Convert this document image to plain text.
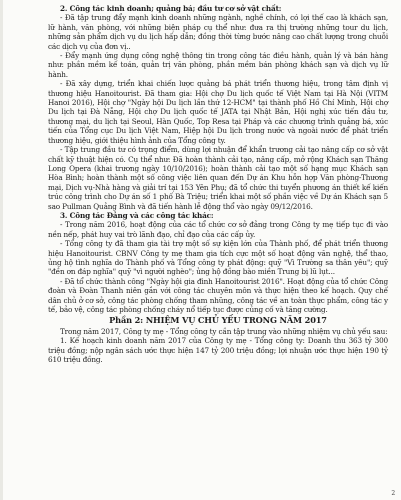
2. Công tác kinh doanh; quảng bá; đầu tư cơ sở vật chất:

- Đã tập trung đẩy mạnh kinh doanh những ngành, nghề chính, có lợi thế cao là khách sạn, lữ hành, văn phòng, với những biện pháp cụ thể như: đưa ra thị trường những tour du lịch, những sản phẩm dịch vụ du lịch hấp dẫn; đồng thời từng bước nâng cao chất lượng trong chuỗi các dịch vụ của đơn vị..

- Đẩy mạnh ứng dụng công nghệ thông tin trong công tác điều hành, quản lý và bán hàng như: phần mềm kế toán, quản trị văn phòng, phần mềm bán phòng khách sạn và dịch vụ lữ hành.

- Đã xây dựng, triển khai chiến lược quảng bá phát triển thương hiệu, trong tâm định vị thương hiệu Hanoitourist. Đã tham gia: Hội chợ Du lịch quốc tế Việt Nam tại Hà Nội (VITM Hanoi 2016), Hội chợ "Ngày hội Du lịch lần thứ 12-HCM" tại thành phố Hồ Chí Minh, Hội chợ Du lịch tại Đà Nẵng, Hội chợ Du lịch quốc tế JATA tại Nhật Bản, Hội nghị xúc tiến đầu tư, thương mại, du lịch tại Seoul, Hàn Quốc, Top Resa tại Pháp và các chương trình quảng bá, xúc tiến của Tổng cục Du lịch Việt Nam, Hiệp hội Du lịch trong nước và ngoài nước để phát triển thương hiệu, giới thiệu hình ảnh của Tổng công ty.

- Tập trung đầu tư có trọng điểm, dùng lợi nhuận để khẩn trương cải tạo nâng cấp cơ sở vật chất kỹ thuật hiện có. Cụ thể như: Đã hoàn thành cải tạo, nâng cấp, mở rộng Khách sạn Thăng Long Opera (khai trương ngày 10/10/2016); hoàn thành cải tạo một số hạng mục Khách sạn Hòa Bình; hoàn thành một số công việc liên quan đến Dự án Khu hỗn hợp Văn phòng-Thương mại, Dịch vụ-Nhà hàng và giải trí tại 153 Yên Phụ; đã tổ chức thi tuyển phương án thiết kế kiến trúc công trình cho Dự án số 1 phố Bà Triệu; triển khai một số phần việc về Dự án Khách sạn 5 sao Pullman Quảng Bình và đã tiến hành lễ động thổ vào ngày 09/12/2016.

3. Công tác Đảng và các công tác khác:

- Trong năm 2016, hoạt động của các tổ chức cơ sở đảng trong Công ty mẹ tiếp tục đi vào nền nếp, phát huy vai trò lãnh đạo, chỉ đạo của các cấp ủy.

- Tổng công ty đã tham gia tài trợ một số sự kiện lớn của Thành phố, để phát triển thương hiệu Hanoitourist. CBNV Công ty mẹ tham gia tích cực một số hoạt động văn nghệ, thể thao, ủng hộ tình nghĩa do Thành phố và Tổng công ty phát động: quỹ "Vì Trường sa thân yêu"; quỹ "đền ơn đáp nghĩa" quỹ "vì người nghèo"; ủng hộ đồng bào miền Trung bị lũ lụt...

- Đã tổ chức thành công "Ngày hội gia đình Hanoitourist 2016". Hoạt động của tổ chức Công đoàn và Đoàn Thanh niên gắn với công tác chuyên môn và thực hiện theo kế hoạch. Quy chế dân chủ ở cơ sở, công tác phòng chống tham nhũng, công tác về an toàn thực phẩm, công tác y tế, bảo vệ, công tác phòng chống cháy nổ tiếp tục được củng cố và tăng cường.

Phần 2: NHIỆM VỤ CHỦ YẾU TRONG NĂM 2017

Trong năm 2017, Công ty mẹ - Tổng công ty cần tập trung vào những nhiệm vụ chủ yếu sau:

1. Kế hoạch kinh doanh năm 2017 của Công ty mẹ - Tổng công ty: Doanh thu 363 tỷ 300 triệu đồng; nộp ngân sách ước thực hiện 147 tỷ 200 triệu đồng; lợi nhuận ước thực hiện 190 tỷ 610 triệu đồng.

2
